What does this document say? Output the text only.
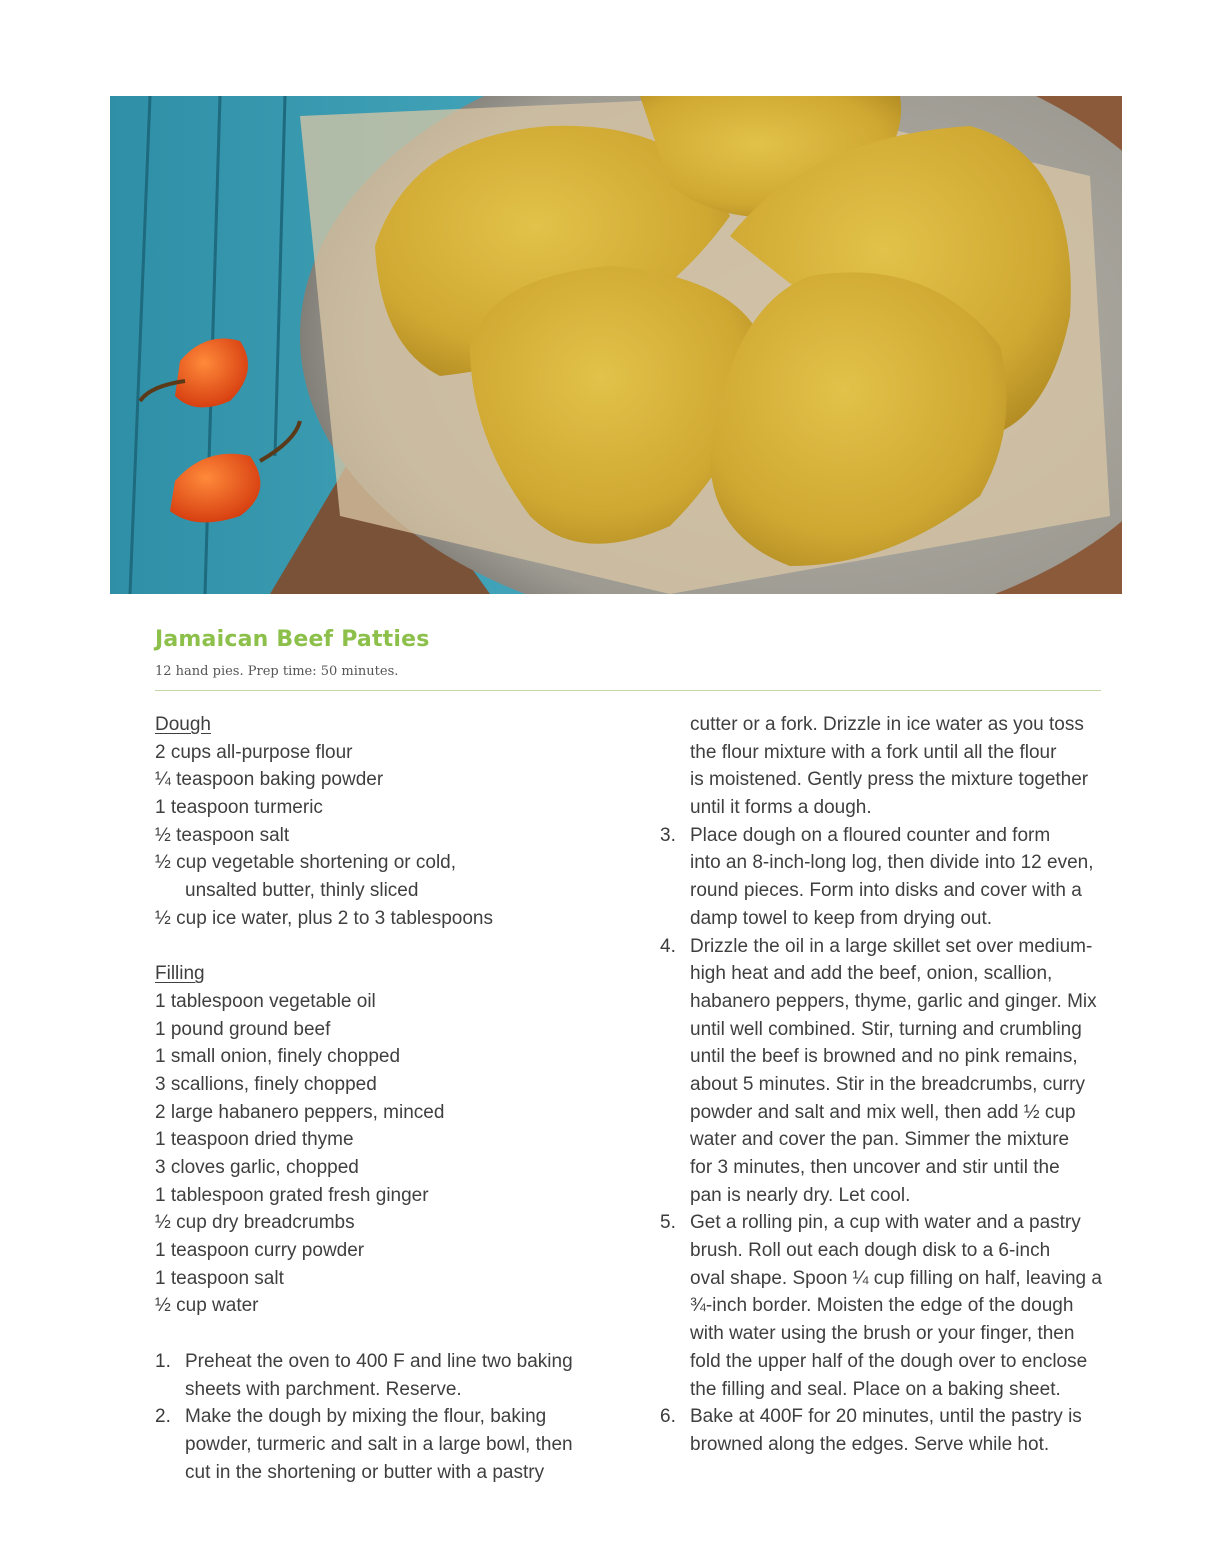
Jamaican Beef Patties
12 hand pies. Prep time: 50 minutes.
Dough
2 cups all-purpose flour
¼ teaspoon baking powder
1 teaspoon turmeric
½ teaspoon salt
½ cup vegetable shortening or cold,
unsalted butter, thinly sliced
½ cup ice water, plus 2 to 3 tablespoons
Filling
1 tablespoon vegetable oil
1 pound ground beef
1 small onion, finely chopped
3 scallions, finely chopped
2 large habanero peppers, minced
1 teaspoon dried thyme
3 cloves garlic, chopped
1 tablespoon grated fresh ginger
½ cup dry breadcrumbs
1 teaspoon curry powder
1 teaspoon salt
½ cup water
1. Preheat the oven to 400 F and line two baking
sheets with parchment. Reserve.
2. Make the dough by mixing the flour, baking
powder, turmeric and salt in a large bowl, then
cut in the shortening or butter with a pastry
cutter or a fork. Drizzle in ice water as you toss
the flour mixture with a fork until all the flour
is moistened. Gently press the mixture together
until it forms a dough.
3. Place dough on a floured counter and form
into an 8-inch-long log, then divide into 12 even,
round pieces. Form into disks and cover with a
damp towel to keep from drying out.
4. Drizzle the oil in a large skillet set over medium-
high heat and add the beef, onion, scallion,
habanero peppers, thyme, garlic and ginger. Mix
until well combined. Stir, turning and crumbling
until the beef is browned and no pink remains,
about 5 minutes. Stir in the breadcrumbs, curry
powder and salt and mix well, then add ½ cup
water and cover the pan. Simmer the mixture
for 3 minutes, then uncover and stir until the
pan is nearly dry. Let cool.
5. Get a rolling pin, a cup with water and a pastry
brush. Roll out each dough disk to a 6-inch
oval shape. Spoon ¼ cup filling on half, leaving a
¾-inch border. Moisten the edge of the dough
with water using the brush or your finger, then
fold the upper half of the dough over to enclose
the filling and seal. Place on a baking sheet.
6. Bake at 400F for 20 minutes, until the pastry is
browned along the edges. Serve while hot.
